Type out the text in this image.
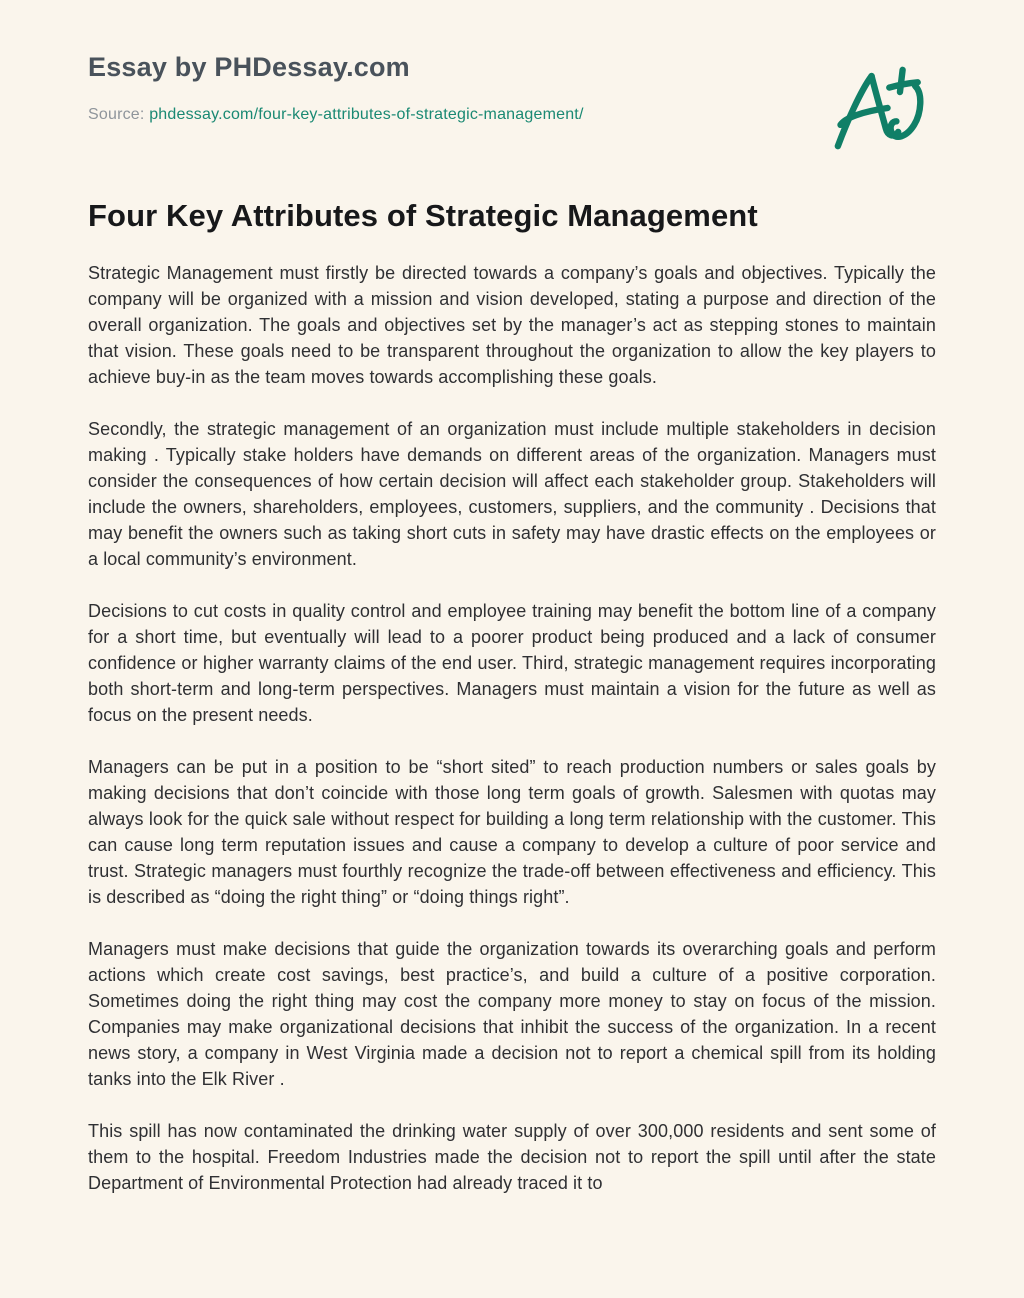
Essay by PHDessay.com
Source: phdessay.com/four-key-attributes-of-strategic-management/
Four Key Attributes of Strategic Management

Strategic Management must firstly be directed towards a company’s goals and objectives. Typically the company will be organized with a mission and vision developed, stating a purpose and direction of the overall organization. The goals and objectives set by the manager’s act as stepping stones to maintain that vision. These goals need to be transparent throughout the organization to allow the key players to achieve buy-in as the team moves towards accomplishing these goals.

Secondly, the strategic management of an organization must include multiple stakeholders in decision making . Typically stake holders have demands on different areas of the organization. Managers must consider the consequences of how certain decision will affect each stakeholder group. Stakeholders will include the owners, shareholders, employees, customers, suppliers, and the community . Decisions that may benefit the owners such as taking short cuts in safety may have drastic effects on the employees or a local community’s environment.

Decisions to cut costs in quality control and employee training may benefit the bottom line of a company for a short time, but eventually will lead to a poorer product being produced and a lack of consumer confidence or higher warranty claims of the end user. Third, strategic management requires incorporating both short-term and long-term perspectives. Managers must maintain a vision for the future as well as focus on the present needs.

Managers can be put in a position to be “short sited” to reach production numbers or sales goals by making decisions that don’t coincide with those long term goals of growth. Salesmen with quotas may always look for the quick sale without respect for building a long term relationship with the customer. This can cause long term reputation issues and cause a company to develop a culture of poor service and trust. Strategic managers must fourthly recognize the trade-off between effectiveness and efficiency. This is described as “doing the right thing” or “doing things right”.

Managers must make decisions that guide the organization towards its overarching goals and perform actions which create cost savings, best practice’s, and build a culture of a positive corporation. Sometimes doing the right thing may cost the company more money to stay on focus of the mission. Companies may make organizational decisions that inhibit the success of the organization. In a recent news story, a company in West Virginia made a decision not to report a chemical spill from its holding tanks into the Elk River .

This spill has now contaminated the drinking water supply of over 300,000 residents and sent some of them to the hospital. Freedom Industries made the decision not to report the spill until after the state Department of Environmental Protection had already traced it to
